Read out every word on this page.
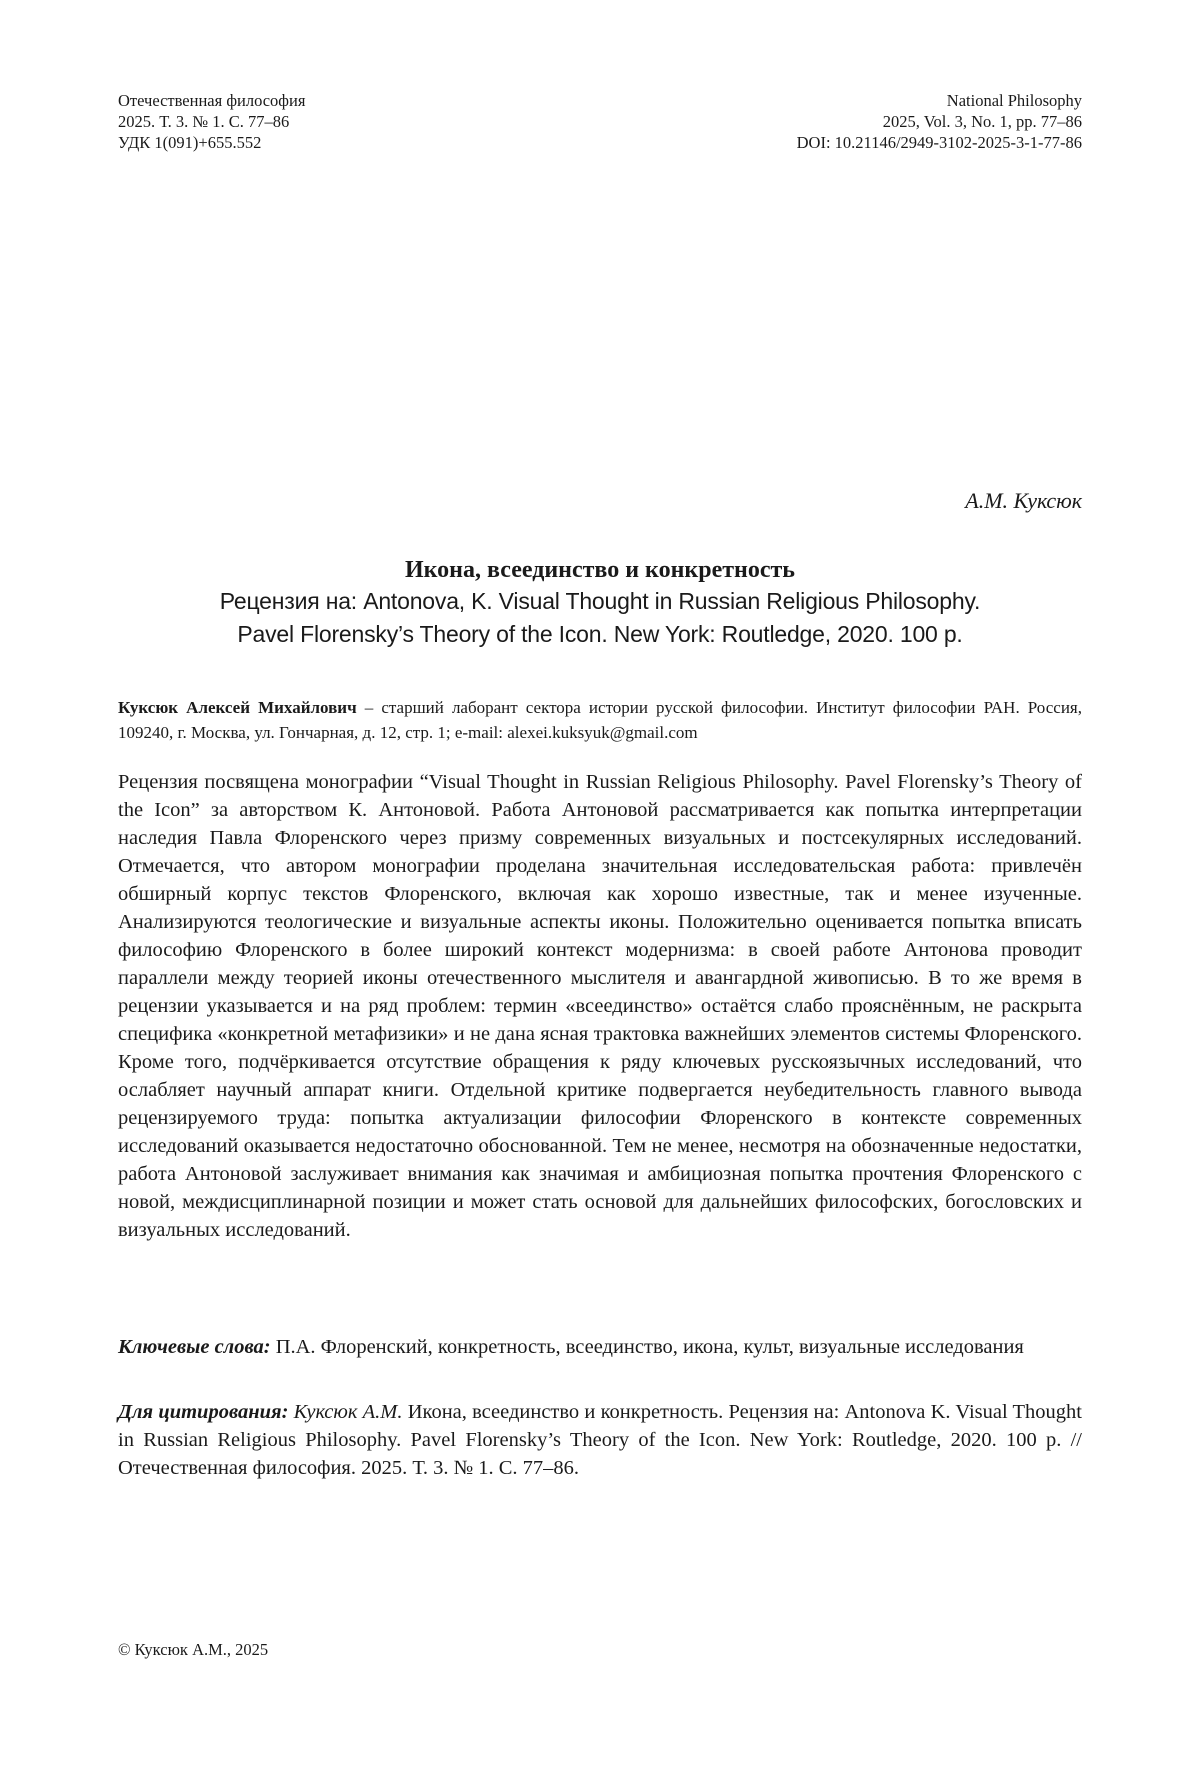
Отечественная философия
2025. Т. 3. № 1. С. 77–86
УДК 1(091)+655.552
National Philosophy
2025, Vol. 3, No. 1, pp. 77–86
DOI: 10.21146/2949-3102-2025-3-1-77-86
А.М. Куксюк
Икона, всеединство и конкретность
Рецензия на: Antonova, K. Visual Thought in Russian Religious Philosophy.
Pavel Florensky’s Theory of the Icon. New York: Routledge, 2020. 100 p.
Куксюк Алексей Михайлович – старший лаборант сектора истории русской философии. Институт философии РАН. Россия, 109240, г. Москва, ул. Гончарная, д. 12, стр. 1; e-mail: alexei.kuksyuk@gmail.com
Рецензия посвящена монографии “Visual Thought in Russian Religious Philosophy. Pavel Florensky’s Theory of the Icon” за авторством К. Антоновой. Работа Антоновой рассматривается как попытка интерпретации наследия Павла Флоренского через призму современных визуальных и постсекулярных исследований. Отмечается, что автором монографии проделана значительная исследовательская работа: привлечён обширный корпус текстов Флоренского, включая как хорошо известные, так и менее изученные. Анализируются теологические и визуальные аспекты иконы. Положительно оценивается попытка вписать философию Флоренского в более широкий контекст модернизма: в своей работе Антонова проводит параллели между теорией иконы отечественного мыслителя и авангардной живописью. В то же время в рецензии указывается и на ряд проблем: термин «всеединство» остаётся слабо прояснённым, не раскрыта специфика «конкретной метафизики» и не дана ясная трактовка важнейших элементов системы Флоренского. Кроме того, подчёркивается отсутствие обращения к ряду ключевых русскоязычных исследований, что ослабляет научный аппарат книги. Отдельной критике подвергается неубедительность главного вывода рецензируемого труда: попытка актуализации философии Флоренского в контексте современных исследований оказывается недостаточно обоснованной. Тем не менее, несмотря на обозначенные недостатки, работа Антоновой заслуживает внимания как значимая и амбициозная попытка прочтения Флоренского с новой, междисциплинарной позиции и может стать основой для дальнейших философских, богословских и визуальных исследований.
Ключевые слова: П.А. Флоренский, конкретность, всеединство, икона, культ, визуальные исследования
Для цитирования: Куксюк А.М. Икона, всеединство и конкретность. Рецензия на: Antonova K. Visual Thought in Russian Religious Philosophy. Pavel Florensky’s Theory of the Icon. New York: Routledge, 2020. 100 p. // Отечественная философия. 2025. Т. 3. № 1. С. 77–86.
© Куксюк А.М., 2025
